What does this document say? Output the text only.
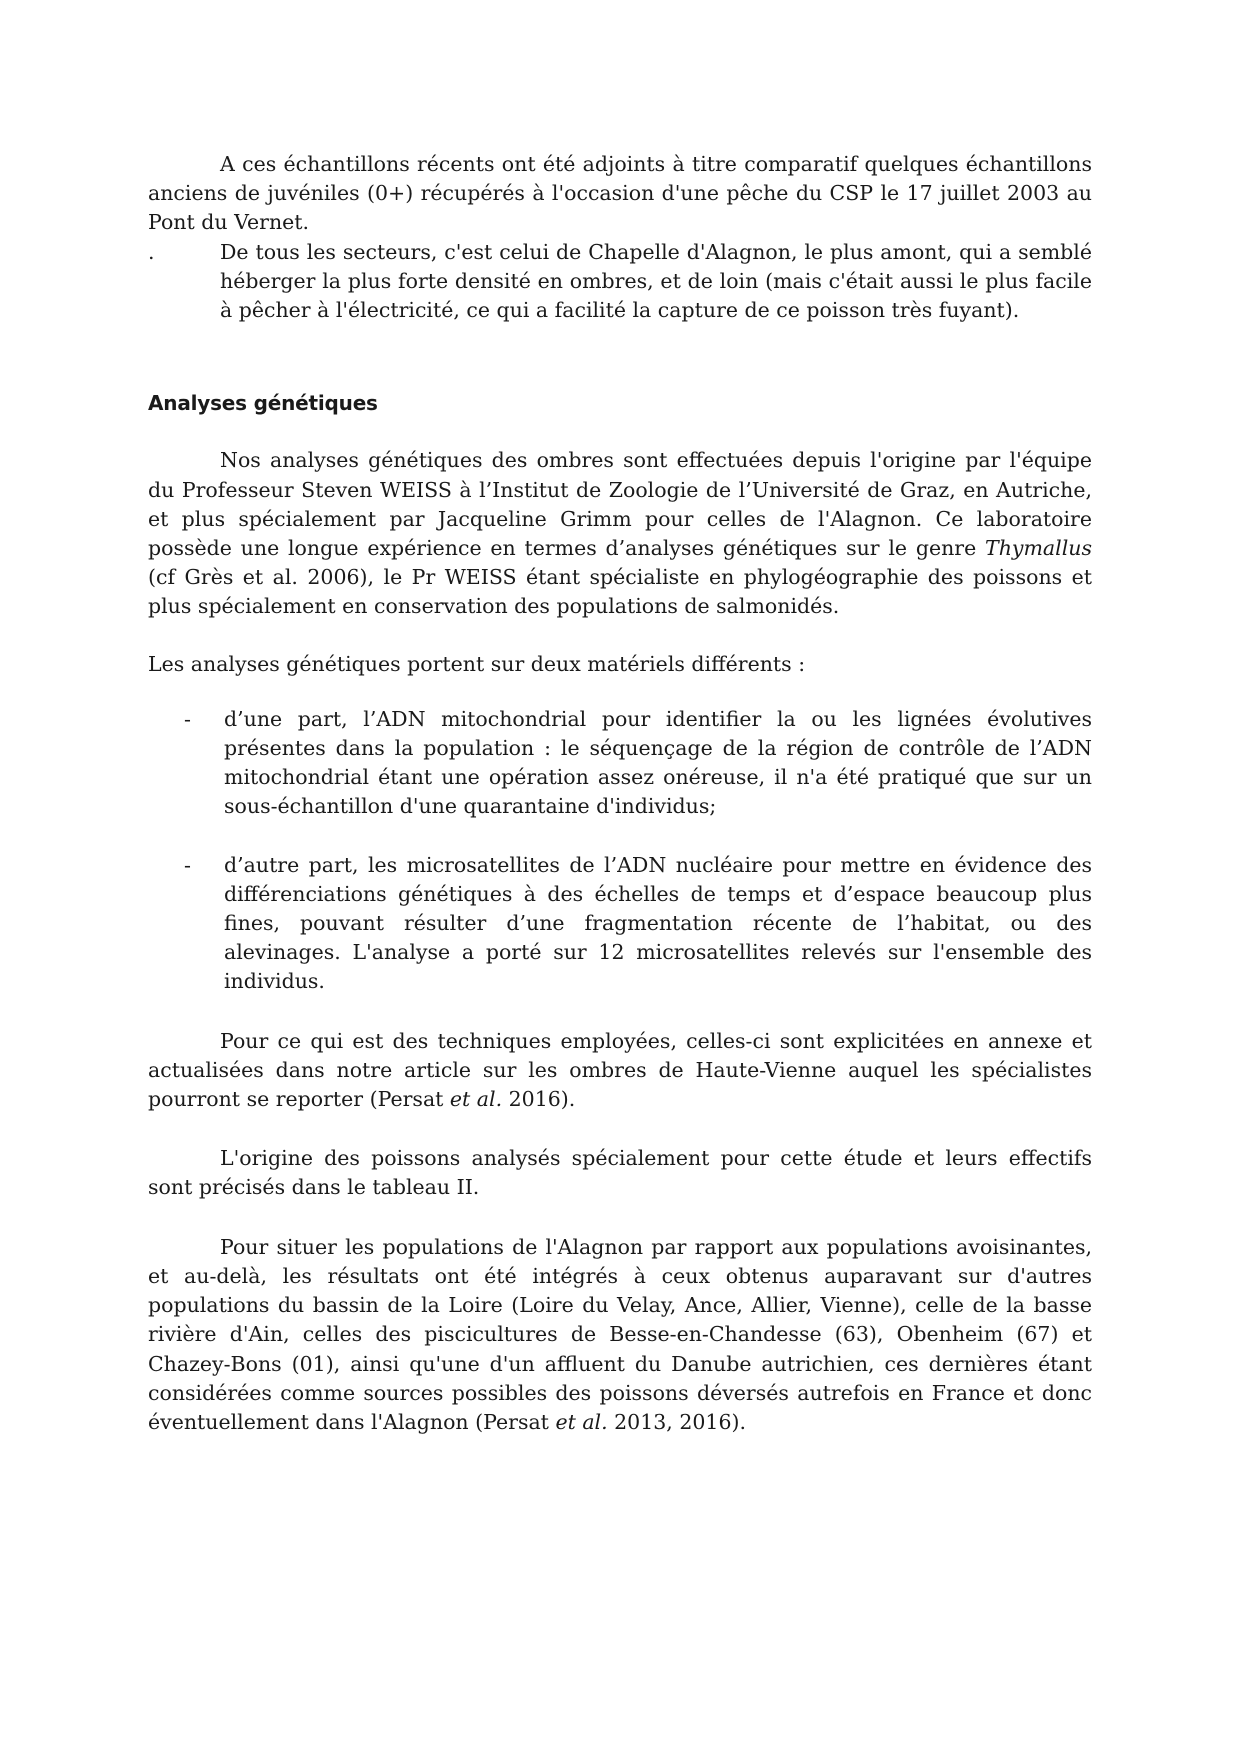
A ces échantillons récents ont été adjoints à titre comparatif quelques échantillons anciens de juvéniles (0+) récupérés à l'occasion d'une pêche du CSP le 17 juillet 2003 au Pont du Vernet.

.	De tous les secteurs, c'est celui de Chapelle d'Alagnon, le plus amont, qui a semblé héberger la plus forte densité en ombres, et de loin (mais c'était aussi le plus facile à pêcher à l'électricité, ce qui a facilité la capture de ce poisson très fuyant).

Analyses génétiques

Nos analyses génétiques des ombres sont effectuées depuis l'origine par l'équipe du Professeur Steven WEISS à l’Institut de Zoologie de l’Université de Graz, en Autriche, et plus spécialement par Jacqueline Grimm pour celles de l'Alagnon. Ce laboratoire possède une longue expérience en termes d’analyses génétiques sur le genre Thymallus (cf Grès et al. 2006), le Pr WEISS étant spécialiste en phylogéographie des poissons et plus spécialement en conservation des populations de salmonidés.

Les analyses génétiques portent sur deux matériels différents :

-	d’une part, l’ADN mitochondrial pour identifier la ou les lignées évolutives présentes dans la population : le séquençage de la région de contrôle de l’ADN mitochondrial étant une opération assez onéreuse, il n'a été pratiqué que sur un sous-échantillon d'une quarantaine d'individus;
-	d’autre part, les microsatellites de l’ADN nucléaire pour mettre en évidence des différenciations génétiques à des échelles de temps et d’espace beaucoup plus fines, pouvant résulter d’une fragmentation récente de l’habitat, ou des alevinages. L'analyse a porté sur 12 microsatellites relevés sur l'ensemble des individus.

Pour ce qui est des techniques employées, celles-ci sont explicitées en annexe et actualisées dans notre article sur les ombres de Haute-Vienne auquel les spécialistes pourront se reporter (Persat et al. 2016).

L'origine des poissons analysés spécialement pour cette étude et leurs effectifs sont précisés dans le tableau II.

Pour situer les populations de l'Alagnon par rapport aux populations avoisinantes, et au-delà, les résultats ont été intégrés à ceux obtenus auparavant sur d'autres populations du bassin de la Loire (Loire du Velay, Ance, Allier, Vienne), celle de la basse rivière d'Ain, celles des piscicultures de Besse-en-Chandesse (63), Obenheim (67) et Chazey-Bons (01), ainsi qu'une d'un affluent du Danube autrichien, ces dernières étant considérées comme sources possibles des poissons déversés autrefois en France et donc éventuellement dans l'Alagnon (Persat et al. 2013, 2016).
